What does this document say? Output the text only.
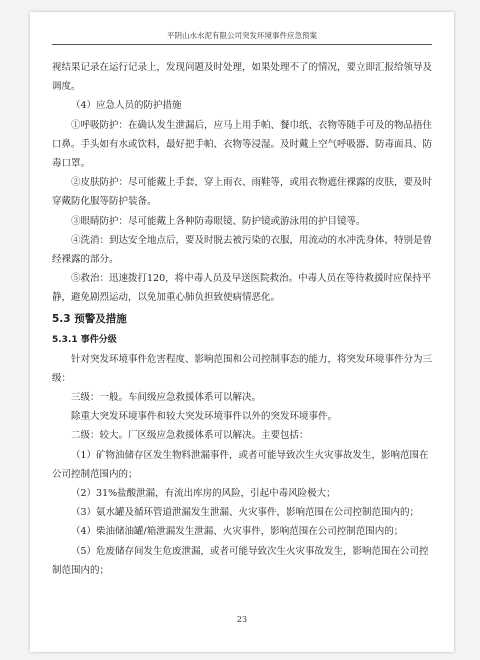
平阴山水水泥有限公司突发环境事件应急预案

视结果记录在运行记录上，发现问题及时处理，如果处理不了的情况，要立即汇报给领导及调度。

（4）应急人员的防护措施

①呼吸防护：在确认发生泄漏后，应马上用手帕、餐巾纸、衣物等随手可及的物品捂住口鼻。手头如有水或饮料，最好把手帕、衣物等浸湿。及时戴上空气呼吸器、防毒面具、防毒口罩。

②皮肤防护：尽可能戴上手套，穿上雨衣、雨鞋等，或用衣物遮住裸露的皮肤，要及时穿戴防化服等防护装备。

③眼睛防护：尽可能戴上各种防毒眼镜、防护镜或游泳用的护目镜等。

④洗消：到达安全地点后，要及时脱去被污染的衣服，用流动的水冲洗身体，特别是曾经裸露的部分。

⑤救治：迅速拨打120，将中毒人员及早送医院救治。中毒人员在等待救援时应保持平静，避免剧烈运动，以免加重心肺负担致使病情恶化。

5.3 预警及措施

5.3.1 事件分级

针对突发环境事件危害程度、影响范围和公司控制事态的能力，将突发环境事件分为三级：

三级：一般。车间级应急救援体系可以解决。

除重大突发环境事件和较大突发环境事件以外的突发环境事件。

二级：较大。厂区级应急救援体系可以解决。主要包括：

（1）矿物油储存区发生物料泄漏事件，或者可能导致次生火灾事故发生，影响范围在公司控制范围内的；

（2）31%盐酸泄漏，有流出库房的风险，引起中毒风险极大；

（3）氨水罐及循环管道泄漏发生泄漏、火灾事件，影响范围在公司控制范围内的；

（4）柴油储油罐/箱泄漏发生泄漏、火灾事件，影响范围在公司控制范围内的；

（5）危废储存间发生危废泄漏，或者可能导致次生火灾事故发生，影响范围在公司控制范围内的；

23
